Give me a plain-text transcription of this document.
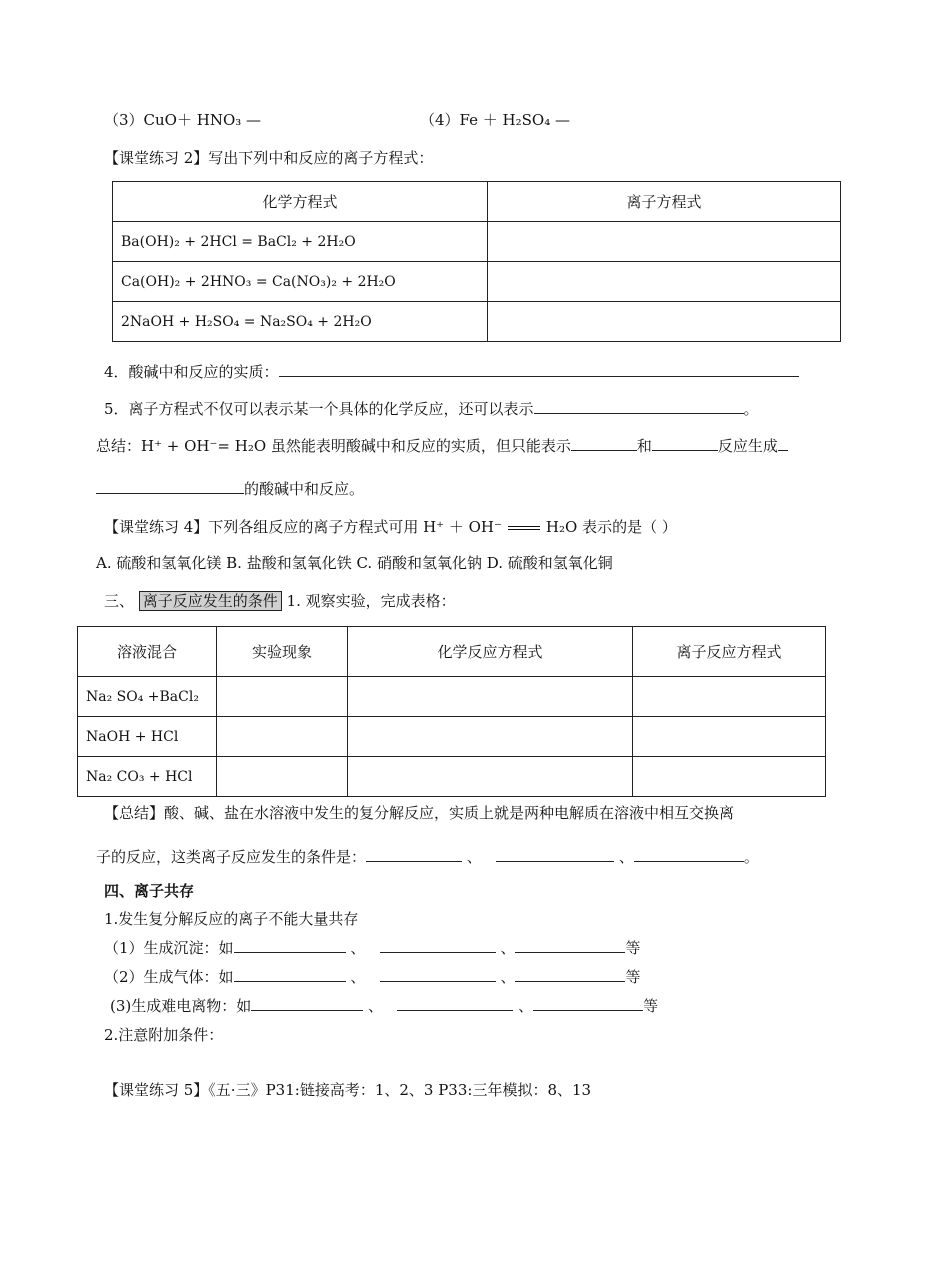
（3）CuO＋ HNO₃ —	（4）Fe ＋ H₂SO₄ —
【课堂练习 2】写出下列中和反应的离子方程式：
化学方程式	离子方程式
Ba(OH)₂ + 2HCl = BaCl₂ + 2H₂O	
Ca(OH)₂ + 2HNO₃ = Ca(NO₃)₂ + 2H₂O	
2NaOH + H₂SO₄ = Na₂SO₄ + 2H₂O	
4．酸碱中和反应的实质：
5．离子方程式不仅可以表示某一个具体的化学反应，还可以表示	。
总结：H⁺ + OH⁻= H₂O 虽然能表明酸碱中和反应的实质，但只能表示	和	反应生成
的酸碱中和反应。
【课堂练习 4】下列各组反应的离子方程式可用 H⁺ ＋ OH⁻	H₂O 表示的是（ ）
A. 硫酸和氢氧化镁 B. 盐酸和氢氧化铁 C. 硝酸和氢氧化钠 D. 硫酸和氢氧化铜
三、 离子反应发生的条件 1. 观察实验，完成表格：
溶液混合	实验现象	化学反应方程式	离子反应方程式
Na₂ SO₄ +BaCl₂			
NaOH + HCl			
Na₂ CO₃ + HCl			
【总结】酸、碱、盐在水溶液中发生的复分解反应，实质上就是两种电解质在溶液中相互交换离
子的反应，这类离子反应发生的条件是：	、	、	。
四、离子共存
1.发生复分解反应的离子不能大量共存
（1）生成沉淀：如	、	、	等
（2）生成气体：如	、	、	等
(3)生成难电离物：如	、	、	等
2.注意附加条件：
【课堂练习 5】《五·三》P31:链接高考：1、2、3 P33:三年模拟：8、13
